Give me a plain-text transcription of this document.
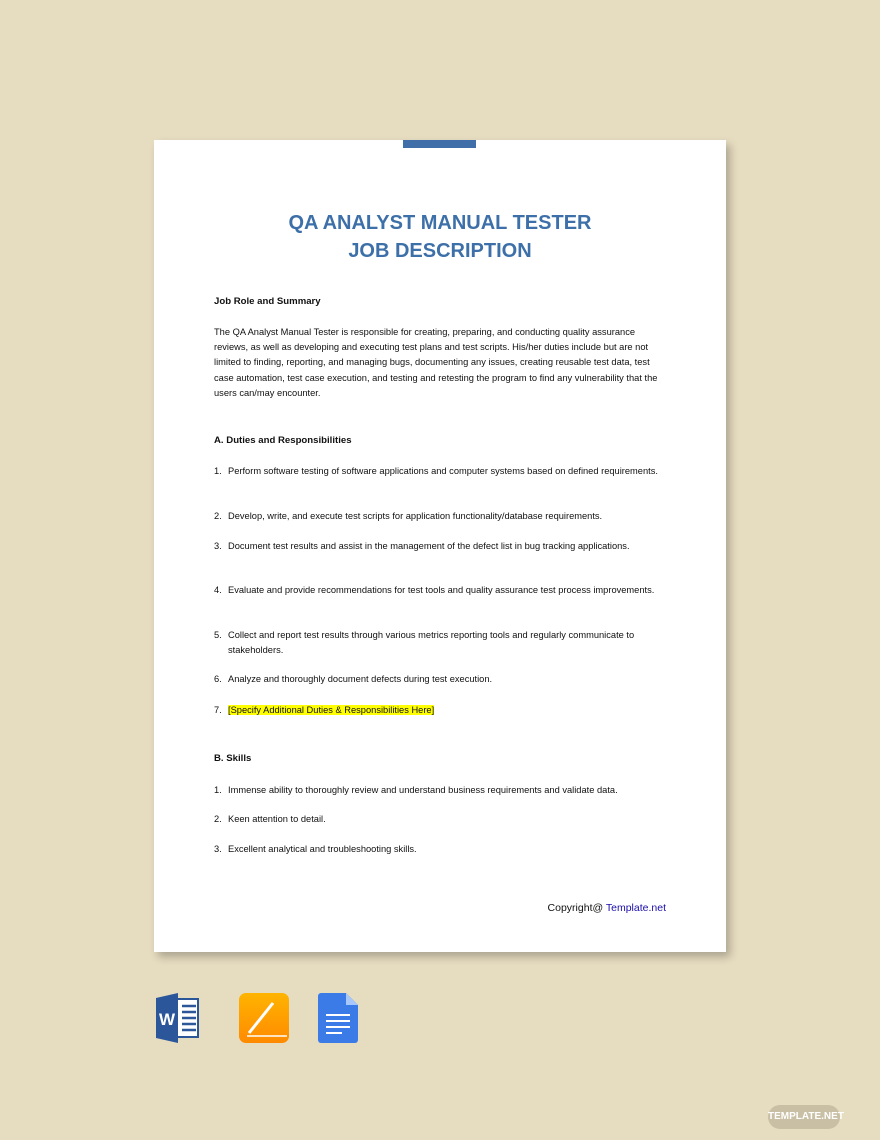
QA ANALYST MANUAL TESTER
JOB DESCRIPTION
Job Role and Summary
The QA Analyst Manual Tester is responsible for creating, preparing, and conducting quality assurance reviews, as well as developing and executing test plans and test scripts. His/her duties include but are not limited to finding, reporting, and managing bugs, documenting any issues, creating reusable test data, test case automation, test case execution, and testing and retesting the program to find any vulnerability that the users can/may encounter.
A. Duties and Responsibilities
1. Perform software testing of software applications and computer systems based on defined requirements.
2. Develop, write, and execute test scripts for application functionality/database requirements.
3. Document test results and assist in the management of the defect list in bug tracking applications.
4. Evaluate and provide recommendations for test tools and quality assurance test process improvements.
5. Collect and report test results through various metrics reporting tools and regularly communicate to stakeholders.
6. Analyze and thoroughly document defects during test execution.
7. [Specify Additional Duties & Responsibilities Here]
B. Skills
1. Immense ability to thoroughly review and understand business requirements and validate data.
2. Keen attention to detail.
3. Excellent analytical and troubleshooting skills.
Copyright@ Template.net
W
TEMPLATE.NET
